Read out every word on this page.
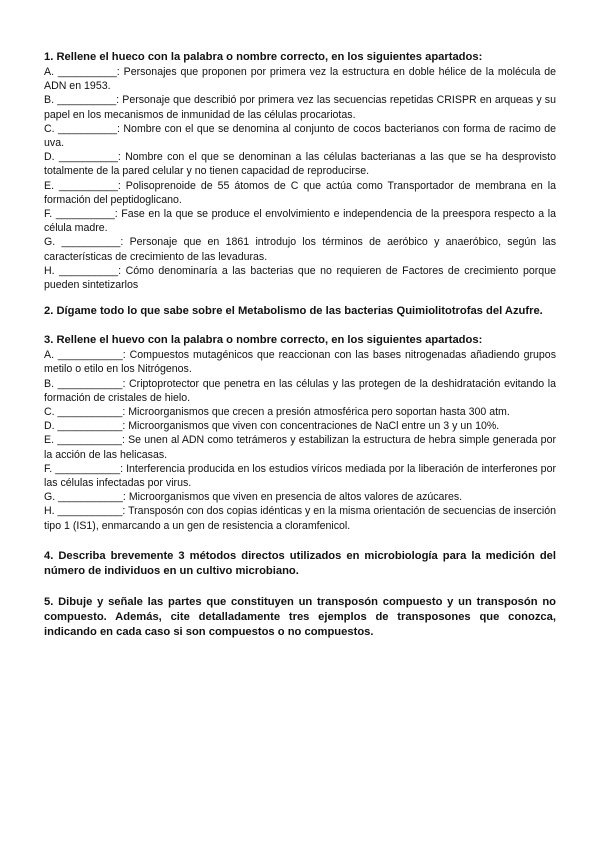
1. Rellene el hueco con la palabra o nombre correcto, en los siguientes apartados:

A. __________: Personajes que proponen por primera vez la estructura en doble hélice de la molécula de ADN en 1953.

B. __________: Personaje que describió por primera vez las secuencias repetidas CRISPR en arqueas y su papel en los mecanismos de inmunidad de las células procariotas.

C. __________: Nombre con el que se denomina al conjunto de cocos bacterianos con forma de racimo de uva.

D. __________: Nombre con el que se denominan a las células bacterianas a las que se ha desprovisto totalmente de la pared celular y no tienen capacidad de reproducirse.

E. __________: Polisoprenoide de 55 átomos de C que actúa como Transportador de membrana en la formación del peptidoglicano.

F. __________: Fase en la que se produce el envolvimiento e independencia de la preespora respecto a la célula madre.

G. __________: Personaje que en 1861 introdujo los términos de aeróbico y anaeróbico, según las características de crecimiento de las levaduras.

H. __________: Cómo denominaría a las bacterias que no requieren de Factores de crecimiento porque pueden sintetizarlos

2. Dígame todo lo que sabe sobre el Metabolismo de las bacterias Quimiolitotrofas del Azufre.

3. Rellene el huevo con la palabra o nombre correcto, en los siguientes apartados:

A. ___________: Compuestos mutagénicos que reaccionan con las bases nitrogenadas añadiendo grupos metilo o etilo en los Nitrógenos.

B. ___________: Criptoprotector que penetra en las células y las protegen de la deshidratación evitando la formación de cristales de hielo.

C. ___________: Microorganismos que crecen a presión atmosférica pero soportan hasta 300 atm.

D. ___________: Microorganismos que viven con concentraciones de NaCl entre un 3 y un 10%.

E. ___________: Se unen al ADN como tetrámeros y estabilizan la estructura de hebra simple generada por la acción de las helicasas.

F. ___________: Interferencia producida en los estudios víricos mediada por la liberación de interferones por las células infectadas por virus.

G. ___________: Microorganismos que viven en presencia de altos valores de azúcares.

H. ___________: Transposón con dos copias idénticas y en la misma orientación de secuencias de inserción tipo 1 (IS1), enmarcando a un gen de resistencia a cloramfenicol.

4. Describa brevemente 3 métodos directos utilizados en microbiología para la medición del número de individuos en un cultivo microbiano.

5. Dibuje y señale las partes que constituyen un transposón compuesto y un transposón no compuesto. Además, cite detalladamente tres ejemplos de transposones que conozca, indicando en cada caso si son compuestos o no compuestos.
